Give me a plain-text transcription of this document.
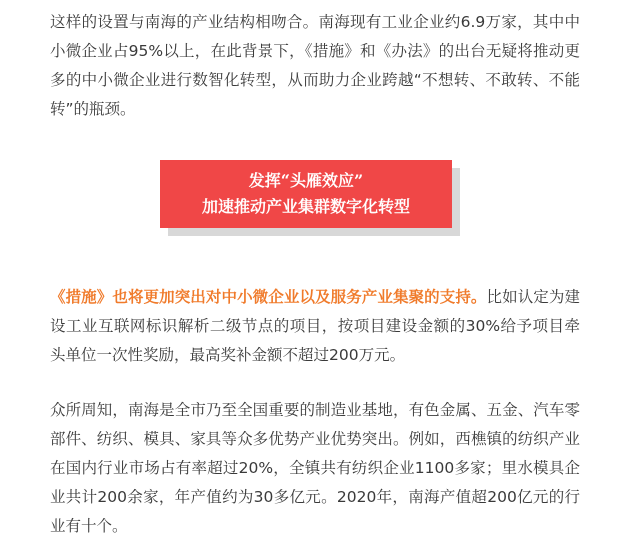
这样的设置与南海的产业结构相吻合。南海现有工业企业约6.9万家，其中中小微企业占95%以上，在此背景下，《措施》和《办法》的出台无疑将推动更多的中小微企业进行数智化转型，从而助力企业跨越“不想转、不敢转、不能转”的瓶颈。

发挥“头雁效应”
加速推动产业集群数字化转型

《措施》也将更加突出对中小微企业以及服务产业集聚的支持。比如认定为建设工业互联网标识解析二级节点的项目，按项目建设金额的30%给予项目牵头单位一次性奖励，最高奖补金额不超过200万元。

众所周知，南海是全市乃至全国重要的制造业基地，有色金属、五金、汽车零部件、纺织、模具、家具等众多优势产业优势突出。例如，西樵镇的纺织产业在国内行业市场占有率超过20%，全镇共有纺织企业1100多家；里水模具企业共计200余家，年产值约为30多亿元。2020年，南海产值超200亿元的行业有十个。
